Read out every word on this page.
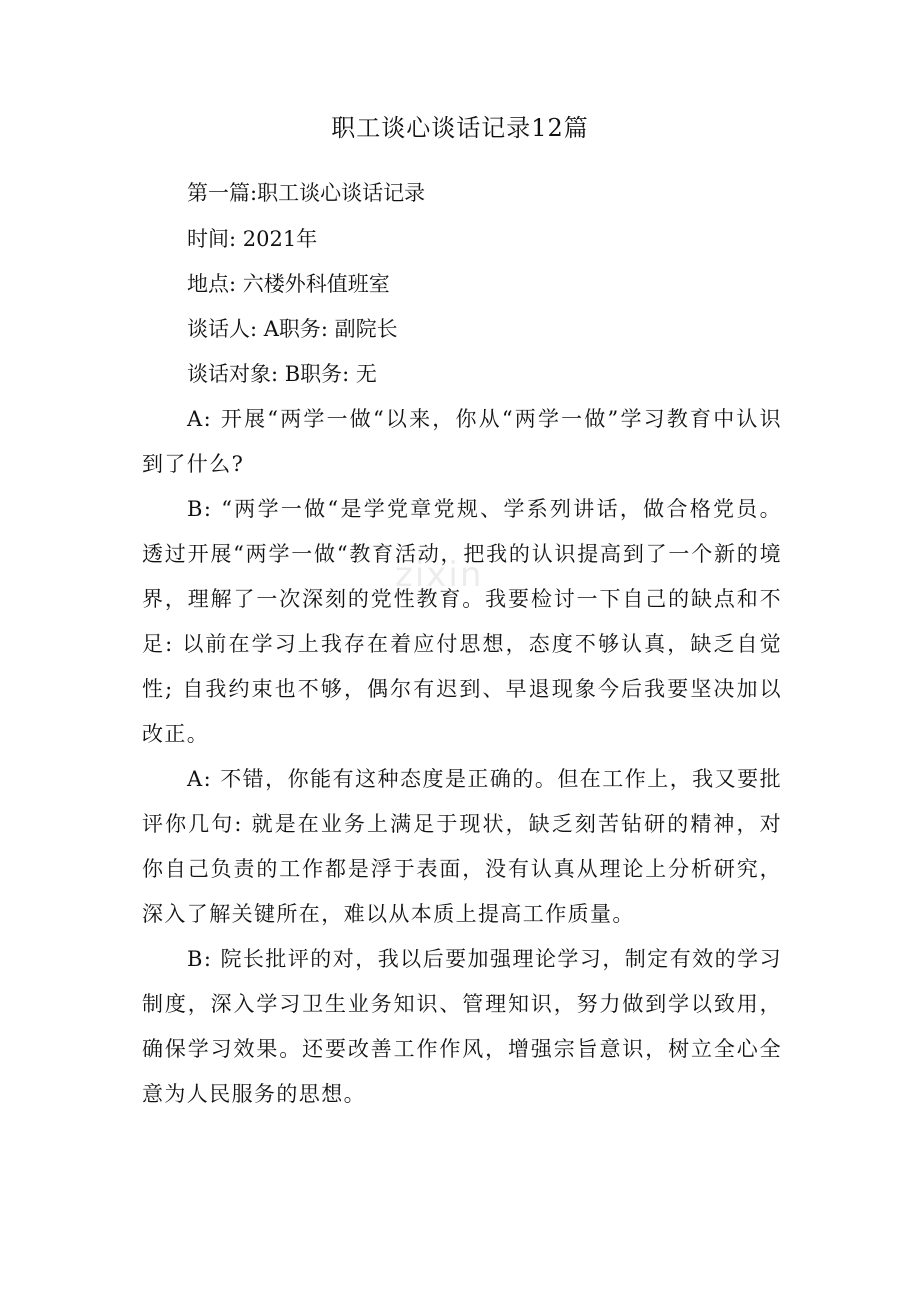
职工谈心谈话记录12篇
第一篇:职工谈心谈话记录
时间: 2021年
地点: 六楼外科值班室
谈话人: A职务: 副院长
谈话对象: B职务: 无

A: 开展“两学一做“以来，你从“两学一做”学习教育中认识到了什么?

B: “两学一做“是学党章党规、学系列讲话，做合格党员。透过开展“两学一做“教育活动，把我的认识提高到了一个新的境界，理解了一次深刻的党性教育。我要检讨一下自己的缺点和不足: 以前在学习上我存在着应付思想，态度不够认真，缺乏自觉性; 自我约束也不够，偶尔有迟到、早退现象今后我要坚决加以改正。

A: 不错，你能有这种态度是正确的。但在工作上，我又要批评你几句: 就是在业务上满足于现状，缺乏刻苦钻研的精神，对你自己负责的工作都是浮于表面，没有认真从理论上分析研究，深入了解关键所在，难以从本质上提高工作质量。

B: 院长批评的对，我以后要加强理论学习，制定有效的学习制度，深入学习卫生业务知识、管理知识，努力做到学以致用，确保学习效果。还要改善工作作风，增强宗旨意识，树立全心全意为人民服务的思想。

zixin
